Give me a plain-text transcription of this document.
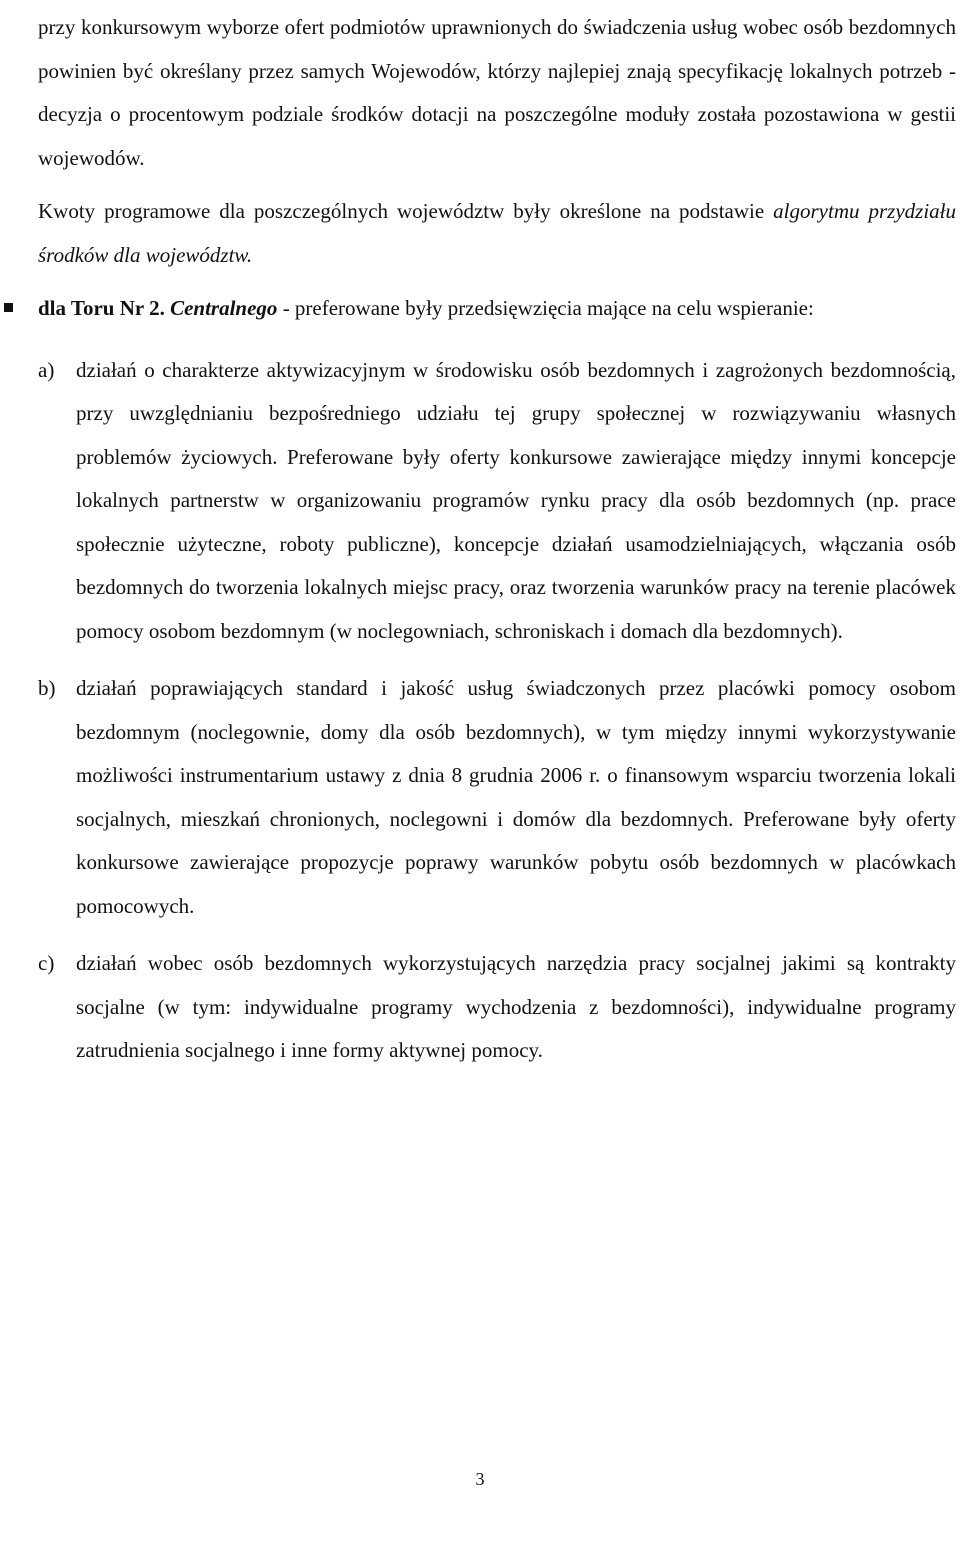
przy konkursowym wyborze ofert podmiotów uprawnionych do świadczenia usług wobec osób bezdomnych powinien być określany przez samych Wojewodów, którzy najlepiej znają specyfikację lokalnych potrzeb - decyzja o procentowym podziale środków dotacji na poszczególne moduły została pozostawiona w gestii wojewodów.

Kwoty programowe dla poszczególnych województw były określone na podstawie algorytmu przydziału środków dla województw.

dla Toru Nr 2. Centralnego - preferowane były przedsięwzięcia mające na celu wspieranie:

a) działań o charakterze aktywizacyjnym w środowisku osób bezdomnych i zagrożonych bezdomnością, przy uwzględnianiu bezpośredniego udziału tej grupy społecznej w rozwiązywaniu własnych problemów życiowych. Preferowane były oferty konkursowe zawierające między innymi koncepcje lokalnych partnerstw w organizowaniu programów rynku pracy dla osób bezdomnych (np. prace społecznie użyteczne, roboty publiczne), koncepcje działań usamodzielniających, włączania osób bezdomnych do tworzenia lokalnych miejsc pracy, oraz tworzenia warunków pracy na terenie placówek pomocy osobom bezdomnym (w noclegowniach, schroniskach i domach dla bezdomnych).

b) działań poprawiających standard i jakość usług świadczonych przez placówki pomocy osobom bezdomnym (noclegownie, domy dla osób bezdomnych), w tym między innymi wykorzystywanie możliwości instrumentarium ustawy z dnia 8 grudnia 2006 r. o finansowym wsparciu tworzenia lokali socjalnych, mieszkań chronionych, noclegowni i domów dla bezdomnych. Preferowane były oferty konkursowe zawierające propozycje poprawy warunków pobytu osób bezdomnych w placówkach pomocowych.

c) działań wobec osób bezdomnych wykorzystujących narzędzia pracy socjalnej jakimi są kontrakty socjalne (w tym: indywidualne programy wychodzenia z bezdomności), indywidualne programy zatrudnienia socjalnego i inne formy aktywnej pomocy.

3
